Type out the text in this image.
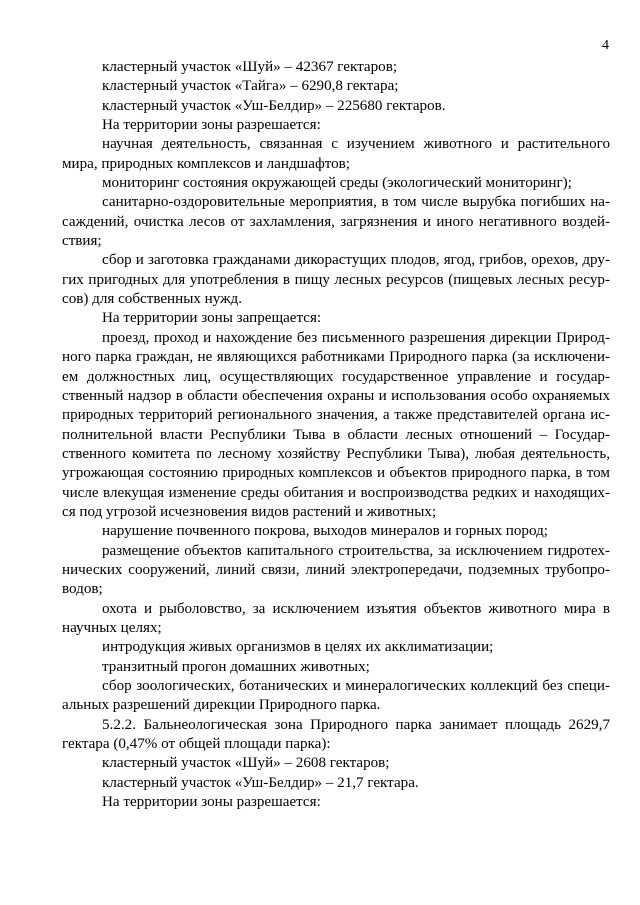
4

кластерный участок «Шуй» – 42367 гектаров;

кластерный участок «Тайга» – 6290,8 гектара;

кластерный участок «Уш-Белдир» – 225680 гектаров.

На территории зоны разрешается:

научная деятельность, связанная с изучением животного и растительного мира, природных комплексов и ландшафтов;

мониторинг состояния окружающей среды (экологический мониторинг);

санитарно-оздоровительные мероприятия, в том числе вырубка погибших насаждений, очистка лесов от захламления, загрязнения и иного негативного воздействия;

сбор и заготовка гражданами дикорастущих плодов, ягод, грибов, орехов, других пригодных для употребления в пищу лесных ресурсов (пищевых лесных ресурсов) для собственных нужд.

На территории зоны запрещается:

проезд, проход и нахождение без письменного разрешения дирекции Природного парка граждан, не являющихся работниками Природного парка (за исключением должностных лиц, осуществляющих государственное управление и государственный надзор в области обеспечения охраны и использования особо охраняемых природных территорий регионального значения, а также представителей органа исполнительной власти Республики Тыва в области лесных отношений – Государственного комитета по лесному хозяйству Республики Тыва), любая деятельность, угрожающая состоянию природных комплексов и объектов природного парка, в том числе влекущая изменение среды обитания и воспроизводства редких и находящихся под угрозой исчезновения видов растений и животных;

нарушение почвенного покрова, выходов минералов и горных пород;

размещение объектов капитального строительства, за исключением гидротехнических сооружений, линий связи, линий электропередачи, подземных трубопроводов;

охота и рыболовство, за исключением изъятия объектов животного мира в научных целях;

интродукция живых организмов в целях их акклиматизации;

транзитный прогон домашних животных;

сбор зоологических, ботанических и минералогических коллекций без специальных разрешений дирекции Природного парка.

5.2.2. Бальнеологическая зона Природного парка занимает площадь 2629,7 гектара (0,47% от общей площади парка):

кластерный участок «Шуй» – 2608 гектаров;

кластерный участок «Уш-Белдир» – 21,7 гектара.

На территории зоны разрешается:
